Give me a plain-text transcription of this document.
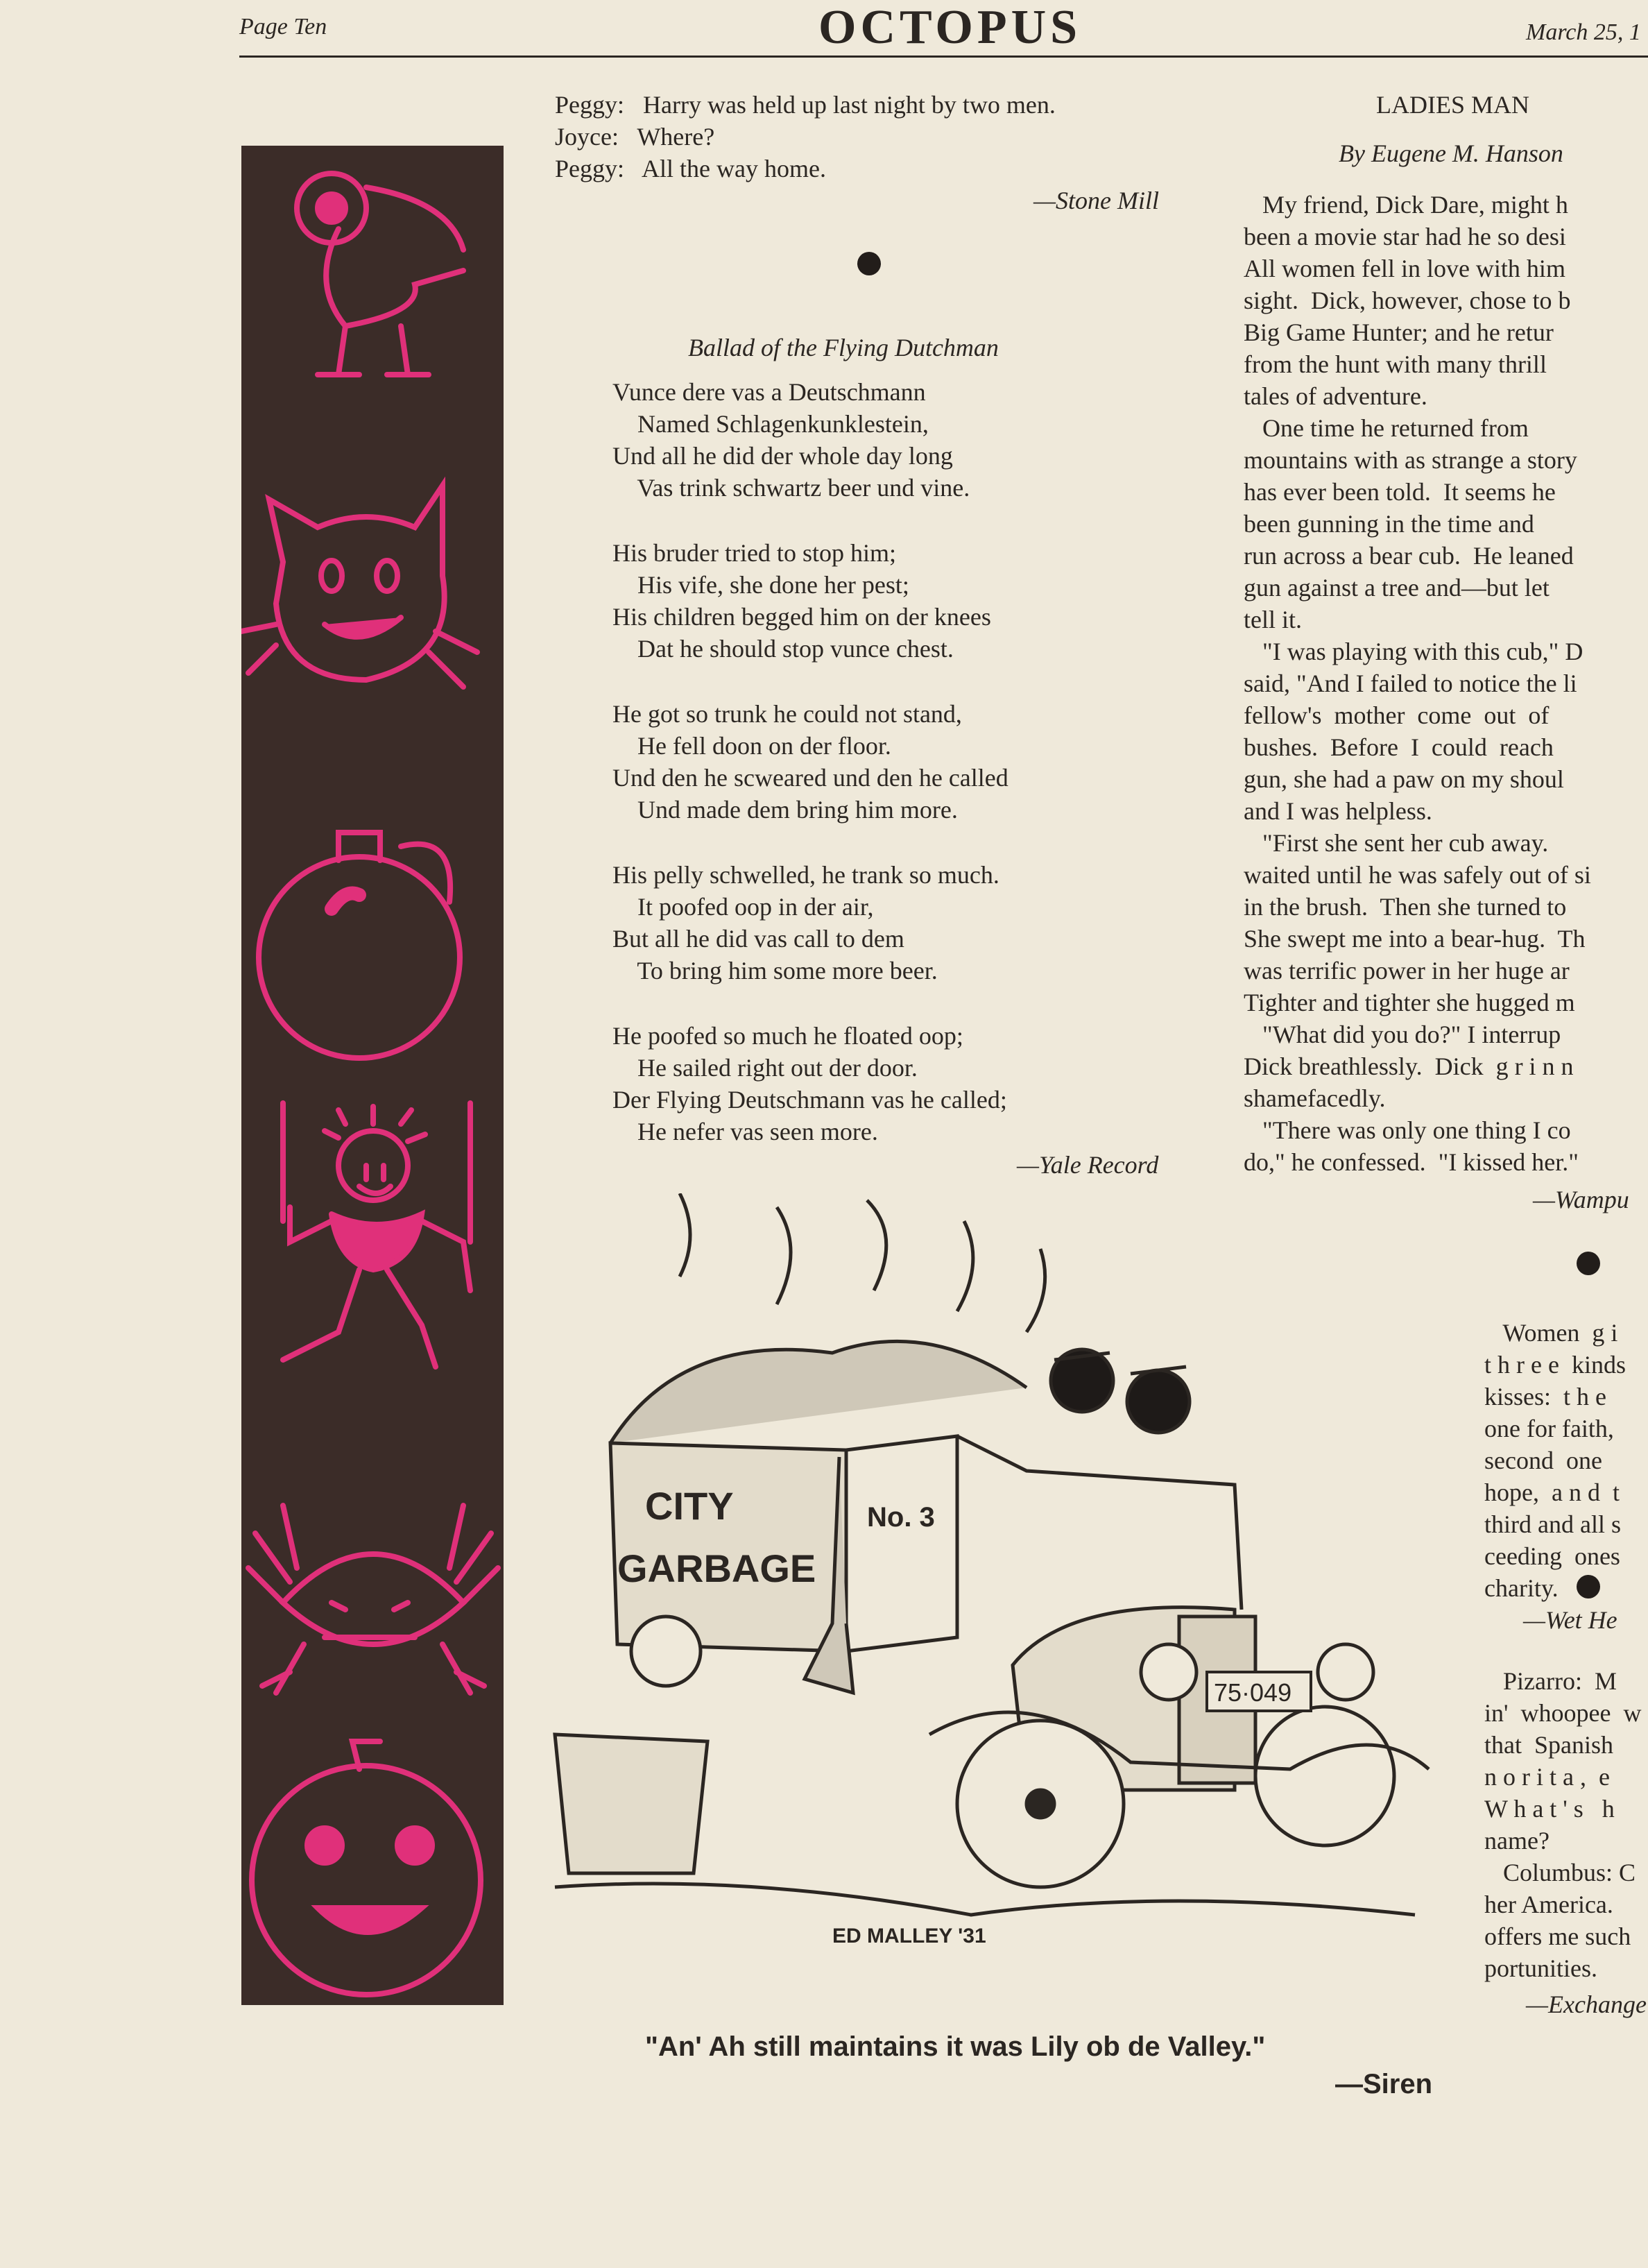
Page Ten	OCTOPUS	March 25, 1
Peggy:   Harry was held up last night by two men.
Joyce:   Where?
Peggy:   All the way home.
—Stone Mill
Ballad of the Flying Dutchman
Vunce dere vas a Deutschmann
Named Schlagenkunklestein,
Und all he did der whole day long
Vas trink schwartz beer und vine.
His bruder tried to stop him;
His vife, she done her pest;
His children begged him on der knees
Dat he should stop vunce chest.
He got so trunk he could not stand,
He fell doon on der floor.
Und den he scweared und den he called
Und made dem bring him more.
His pelly schwelled, he trank so much.
It poofed oop in der air,
But all he did vas call to dem
To bring him some more beer.
He poofed so much he floated oop;
He sailed right out der door.
Der Flying Deutschmann vas he called;
He nefer vas seen more.
—Yale Record
LADIES MAN
By Eugene M. Hanson
My friend, Dick Dare, might h
been a movie star had he so desi
All women fell in love with him
sight.  Dick, however, chose to b
Big Game Hunter; and he retur
from the hunt with many thrill
tales of adventure.
One time he returned from
mountains with as strange a story
has ever been told.  It seems he
been gunning in the time and
run across a bear cub.  He leaned
gun against a tree and—but let
tell it.
"I was playing with this cub," D
said, "And I failed to notice the li
fellow's  mother  come  out  of
bushes.  Before  I  could  reach
gun, she had a paw on my shoul
and I was helpless.
"First she sent her cub away.
waited until he was safely out of si
in the brush.  Then she turned to
She swept me into a bear-hug.  Th
was terrific power in her huge ar
Tighter and tighter she hugged m
"What did you do?" I interrup
Dick breathlessly.  Dick  g r i n n
shamefacedly.
"There was only one thing I co
do," he confessed.  "I kissed her."
—Wampu
Women  g i
t h r e e  kinds
kisses:  t h e
one for faith,
second  one
hope,  a n d  t
third and all s
ceeding  ones
charity.
—Wet He
Pizarro:  M
in'  whoopee  w
that  Spanish
n o r i t a ,  e
W h a t ' s   h
name?
Columbus: C
her America.
offers me such
portunities.
—Exchange
CITY
GARBAGE
No. 3
75·049
ED MALLEY '31
"An' Ah still maintains it was Lily ob de Valley."
—Siren
